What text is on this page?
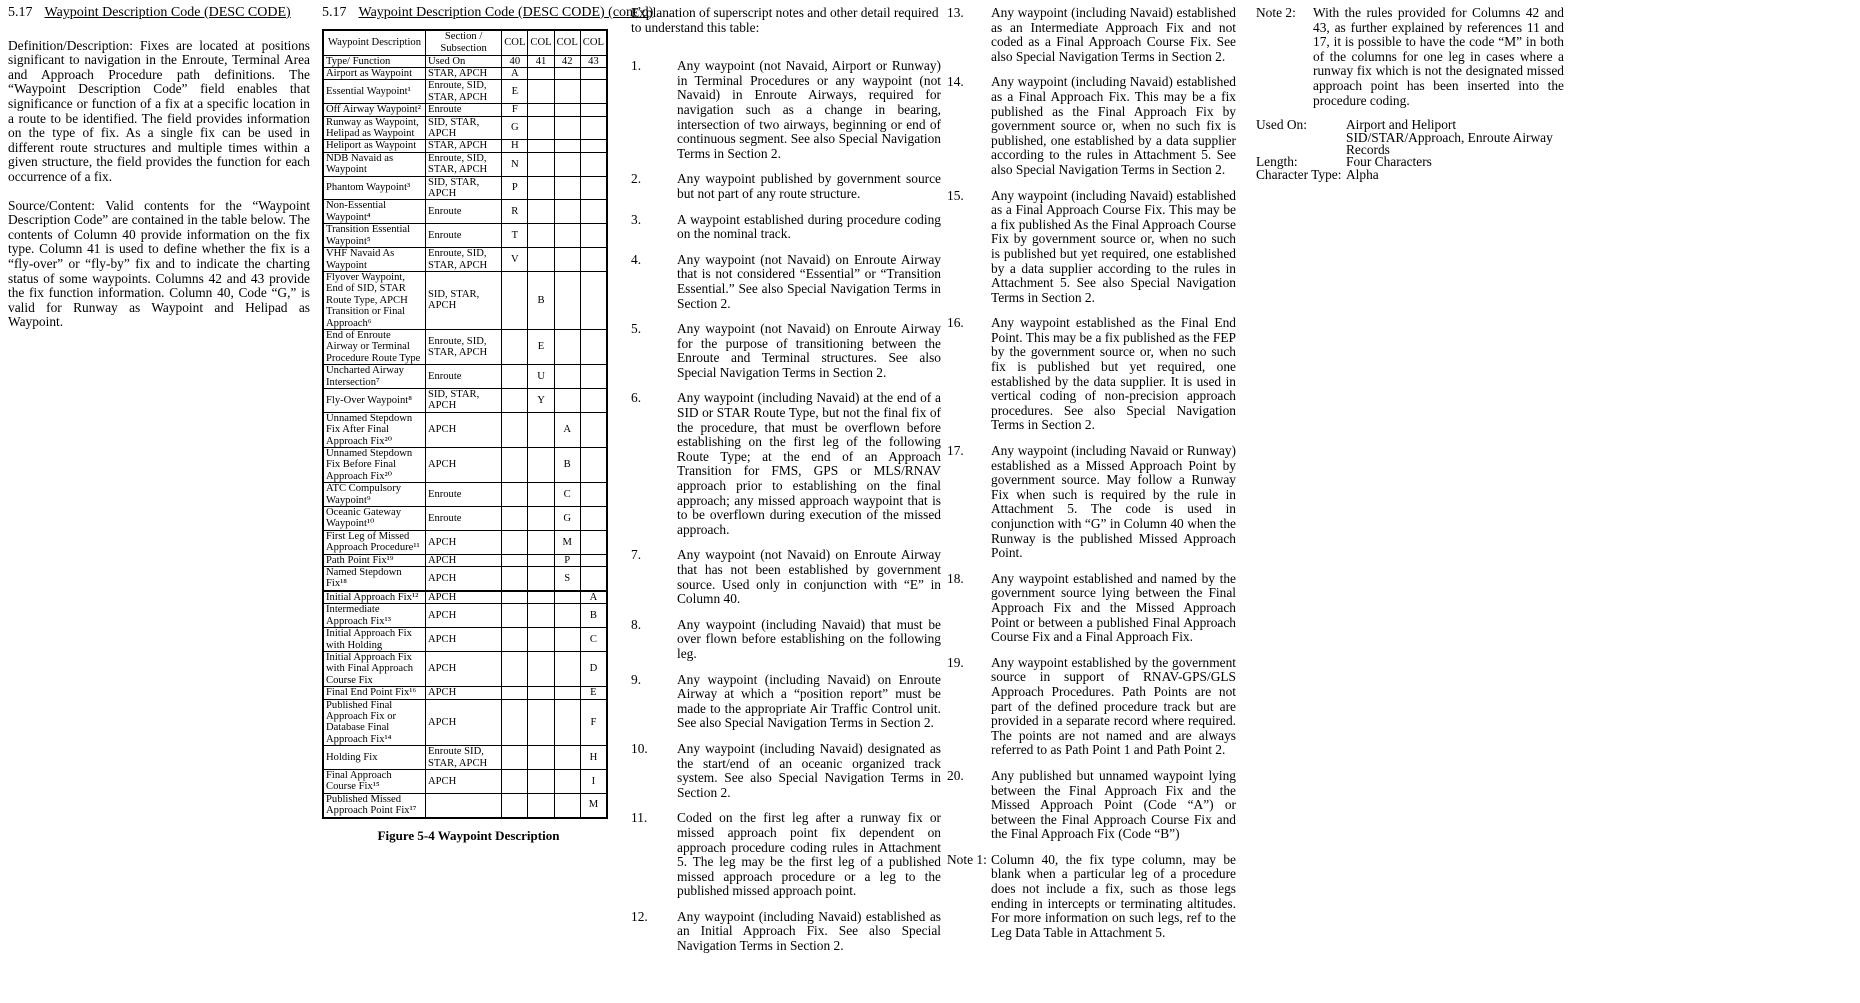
5.17 Waypoint Description Code (DESC CODE)

Definition/Description: Fixes are located at positions significant to navigation in the Enroute, Terminal Area and Approach Procedure path definitions. The “Waypoint Description Code” field enables that significance or function of a fix at a specific location in a route to be identified. The field provides information on the type of fix. As a single fix can be used in different route structures and multiple times within a given structure, the field provides the function for each occurrence of a fix.

Source/Content: Valid contents for the “Waypoint Description Code” are contained in the table below. The contents of Column 40 provide information on the fix type. Column 41 is used to define whether the fix is a “fly-over” or “fly-by” fix and to indicate the charting status of some waypoints. Columns 42 and 43 provide the fix function information. Column 40, Code “G,” is valid for Runway as Waypoint and Helipad as Waypoint.

5.17 Waypoint Description Code (DESC CODE) (cont’d)
Waypoint Description	Section / Subsection	COL	COL	COL	COL
Type/ Function	Used On	40	41	42	43
Airport as Waypoint	STAR, APCH	A			
Essential Waypoint¹	Enroute, SID, STAR, APCH	E			
Off Airway Waypoint²	Enroute	F			
Runway as Waypoint, Helipad as Waypoint	SID, STAR, APCH	G			
Heliport as Waypoint	STAR, APCH	H			
NDB Navaid as Waypoint	Enroute, SID, STAR, APCH	N			
Phantom Waypoint³	SID, STAR, APCH	P			
Non-Essential Waypoint⁴	Enroute	R			
Transition Essential Waypoint⁵	Enroute	T			
VHF Navaid As Waypoint	Enroute, SID, STAR, APCH	V			
Flyover Waypoint, End of SID, STAR Route Type, APCH Transition or Final Approach⁶	SID, STAR, APCH		B		
End of Enroute Airway or Terminal Procedure Route Type	Enroute, SID, STAR, APCH		E		
Uncharted Airway Intersection⁷	Enroute		U		
Fly-Over Waypoint⁸	SID, STAR, APCH		Y		
Unnamed Stepdown Fix After Final Approach Fix²⁰	APCH			A	
Unnamed Stepdown Fix Before Final Approach Fix²⁰	APCH			B	
ATC Compulsory Waypoint⁹	Enroute			C	
Oceanic Gateway Waypoint¹⁰	Enroute			G	
First Leg of Missed Approach Procedure¹¹	APCH			M	
Path Point Fix¹⁹	APCH			P	
Named Stepdown Fix¹⁸	APCH			S	
Initial Approach Fix¹²	APCH				A
Intermediate Approach Fix¹³	APCH				B
Initial Approach Fix with Holding	APCH				C
Initial Approach Fix with Final Approach Course Fix	APCH				D
Final End Point Fix¹⁶	APCH				E
Published Final Approach Fix or Database Final Approach Fix¹⁴	APCH				F
Holding Fix	Enroute SID, STAR, APCH				H
Final Approach Course Fix¹⁵	APCH				I
Published Missed Approach Point Fix¹⁷					M
Figure 5-4 Waypoint Description
Explanation of superscript notes and other detail required to understand this table:
1.	Any waypoint (not Navaid, Airport or Runway) in Terminal Procedures or any waypoint (not Navaid) in Enroute Airways, required for navigation such as a change in bearing, intersection of two airways, beginning or end of continuous segment. See also Special Navigation Terms in Section 2.
2.	Any waypoint published by government source but not part of any route structure.
3.	A waypoint established during procedure coding on the nominal track.
4.	Any waypoint (not Navaid) on Enroute Airway that is not considered “Essential” or “Transition Essential.” See also Special Navigation Terms in Section 2.
5.	Any waypoint (not Navaid) on Enroute Airway for the purpose of transitioning between the Enroute and Terminal structures. See also Special Navigation Terms in Section 2.
6.	Any waypoint (including Navaid) at the end of a SID or STAR Route Type, but not the final fix of the procedure, that must be overflown before establishing on the first leg of the following Route Type; at the end of an Approach Transition for FMS, GPS or MLS/RNAV approach prior to establishing on the final approach; any missed approach waypoint that is to be overflown during execution of the missed approach.
7.	Any waypoint (not Navaid) on Enroute Airway that has not been established by government source. Used only in conjunction with “E” in Column 40.
8.	Any waypoint (including Navaid) that must be over flown before establishing on the following leg.
9.	Any waypoint (including Navaid) on Enroute Airway at which a “position report” must be made to the appropriate Air Traffic Control unit. See also Special Navigation Terms in Section 2.
10. Any waypoint (including Navaid) designated as the start/end of an oceanic organized track system. See also Special Navigation Terms in Section 2.
11. Coded on the first leg after a runway fix or missed approach point fix dependent on approach procedure coding rules in Attachment 5. The leg may be the first leg of a published missed approach procedure or a leg to the published missed approach point.
12. Any waypoint (including Navaid) established as an Initial Approach Fix. See also Special Navigation Terms in Section 2.
13. Any waypoint (including Navaid) established as an Intermediate Approach Fix and not coded as a Final Approach Course Fix. See also Special Navigation Terms in Section 2.
14. Any waypoint (including Navaid) established as a Final Approach Fix. This may be a fix published as the Final Approach Fix by government source or, when no such fix is published, one established by a data supplier according to the rules in Attachment 5. See also Special Navigation Terms in Section 2.
15. Any waypoint (including Navaid) established as a Final Approach Course Fix. This may be a fix published As the Final Approach Course Fix by government source or, when no such is published but yet required, one established by a data supplier according to the rules in Attachment 5. See also Special Navigation Terms in Section 2.
16. Any waypoint established as the Final End Point. This may be a fix published as the FEP by the government source or, when no such fix is published but yet required, one established by the data supplier. It is used in vertical coding of non-precision approach procedures. See also Special Navigation Terms in Section 2.
17. Any waypoint (including Navaid or Runway) established as a Missed Approach Point by government source. May follow a Runway Fix when such is required by the rule in Attachment 5. The code is used in conjunction with “G” in Column 40 when the Runway is the published Missed Approach Point.
18. Any waypoint established and named by the government source lying between the Final Approach Fix and the Missed Approach Point or between a published Final Approach Course Fix and a Final Approach Fix.
19. Any waypoint established by the government source in support of RNAV-GPS/GLS Approach Procedures. Path Points are not part of the defined procedure track but are provided in a separate record where required. The points are not named and are always referred to as Path Point 1 and Path Point 2.
20. Any published but unnamed waypoint lying between the Final Approach Fix and the Missed Approach Point (Code “A”) or between the Final Approach Course Fix and the Final Approach Fix (Code “B”)
Note 1: Column 40, the fix type column, may be blank when a particular leg of a procedure does not include a fix, such as those legs ending in intercepts or terminating altitudes. For more information on such legs, ref to the Leg Data Table in Attachment 5.
Note 2: With the rules provided for Columns 42 and 43, as further explained by references 11 and 17, it is possible to have the code “M” in both of the columns for one leg in cases where a runway fix which is not the designated missed approach point has been inserted into the procedure coding.
Used On:	Airport and Heliport SID/STAR/Approach, Enroute Airway Records
Length:	Four Characters
Character Type: Alpha
